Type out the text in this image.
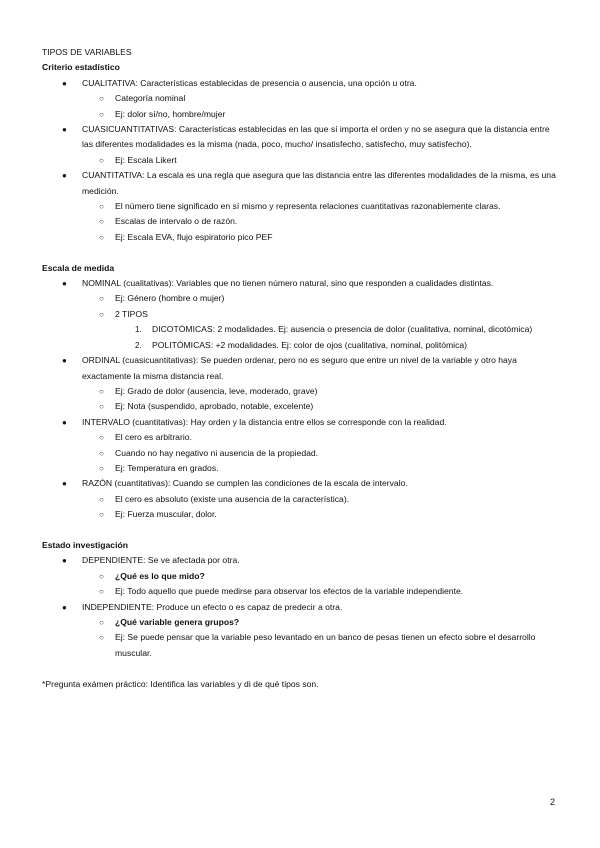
TIPOS DE VARIABLES

Criterio estadístico

● CUALITATIVA: Características establecidas de presencia o ausencia, una opción u otra.
○ Categoría nominal
○ Ej: dolor sí/no, hombre/mujer
● CUASICUANTITATIVAS: Características establecidas en las que sí importa el orden y no se asegura que la distancia entre las diferentes modalidades es la misma (nada, poco, mucho/ insatisfecho, satisfecho, muy satisfecho).
○ Ej: Escala Likert
● CUANTITATIVA: La escala es una regla que asegura que las distancia entre las diferentes modalidades de la misma, es una medición.
○ El número tiene significado en sí mismo y representa relaciones cuantitativas razonablemente claras.
○ Escalas de intervalo o de razón.
○ Ej: Escala EVA, flujo espiratorio pico PEF

Escala de medida

● NOMINAL (cualitativas): Variables que no tienen número natural, sino que responden a cualidades distintas.
○ Ej: Género (hombre o mujer)
○ 2 TIPOS
1. DICOTÓMICAS: 2 modalidades. Ej: ausencia o presencia de dolor (cualitativa, nominal, dicotómica)
2. POLITÓMICAS: +2 modalidades. Ej: color de ojos (cualitativa, nominal, politómica)
● ORDINAL (cuasicuantitativas): Se pueden ordenar, pero no es seguro que entre un nivel de la variable y otro haya exactamente la misma distancia real.
○ Ej: Grado de dolor (ausencia, leve, moderado, grave)
○ Ej: Nota (suspendido, aprobado, notable, excelente)
● INTERVALO (cuantitativas): Hay orden y la distancia entre ellos se corresponde con la realidad.
○ El cero es arbitrario.
○ Cuando no hay negativo ni ausencia de la propiedad.
○ Ej: Temperatura en grados.
● RAZÓN (cuantitativas): Cuando se cumplen las condiciones de la escala de intervalo.
○ El cero es absoluto (existe una ausencia de la característica).
○ Ej: Fuerza muscular, dolor.

Estado investigación

● DEPENDIENTE: Se ve afectada por otra.
○ ¿Qué es lo que mido?
○ Ej: Todo aquello que puede medirse para observar los efectos de la variable independiente.
● INDEPENDIENTE: Produce un efecto o es capaz de predecir a otra.
○ ¿Qué variable genera grupos?
○ Ej: Se puede pensar que la variable peso levantado en un banco de pesas tienen un efecto sobre el desarrollo muscular.

*Pregunta exámen práctico: Identifica las variables y di de qué tipos son.

2
